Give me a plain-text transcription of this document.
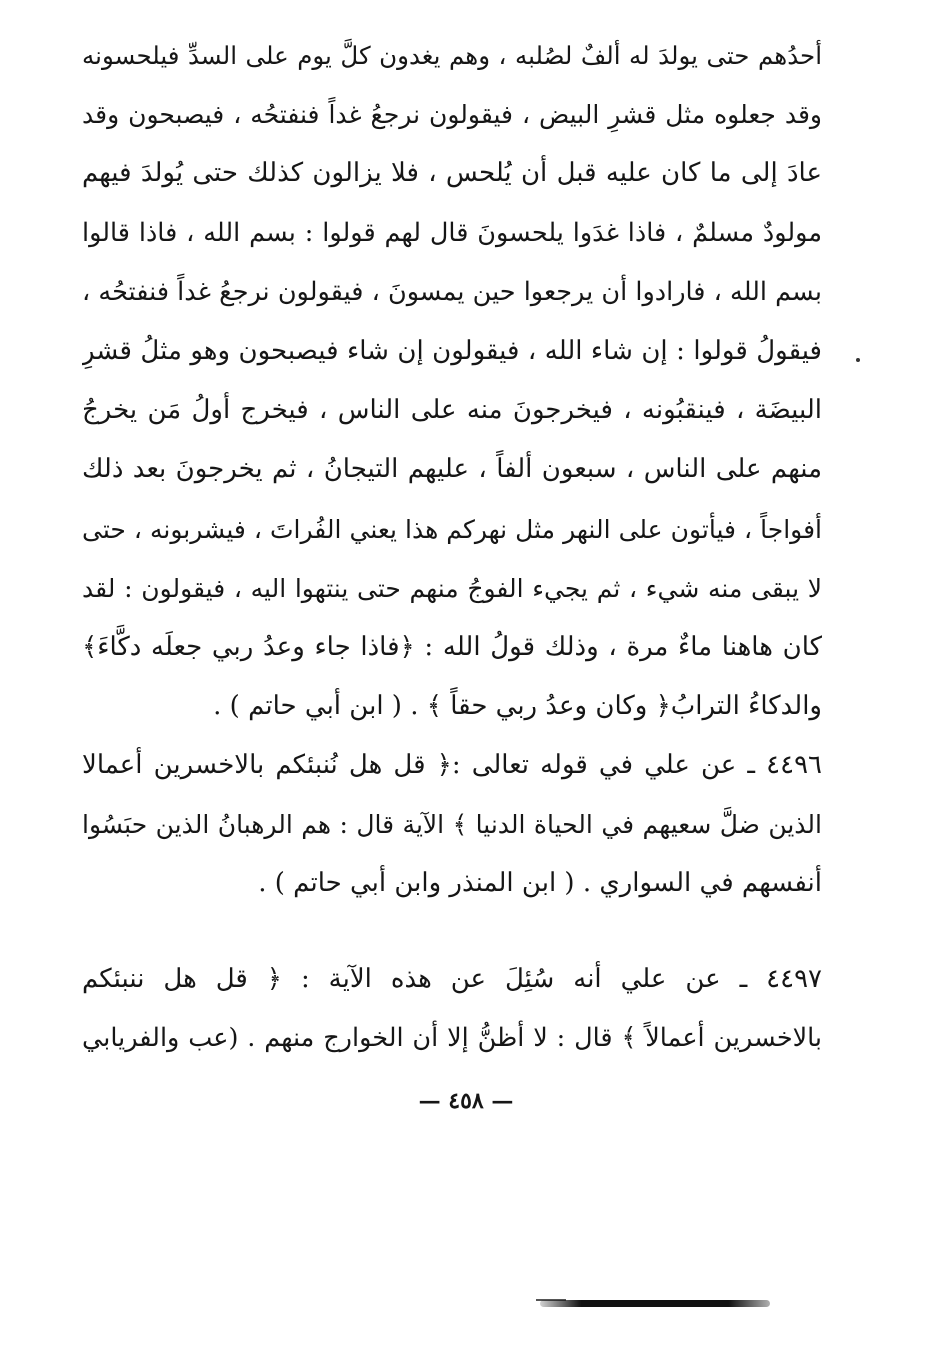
أحدُهم حتى يولدَ له ألفٌ لصُلبه ، وهم يغدون كلَّ يوم على السدِّ فيلحسونه
وقد جعلوه مثل قشرِ البيض ، فيقولون نرجعُ غداً فنفتحُه ، فيصبحون وقد
عادَ إلى ما كان عليه قبل أن يُلحس ، فلا يزالون كذلك حتى يُولدَ فيهم
مولودٌ مسلمٌ ، فاذا غدَوا يلحسونَ قال لهم قولوا : بسم الله ، فاذا قالوا
بسم الله ، فارادوا أن يرجعوا حين يمسونَ ، فيقولون نرجعُ غداً فنفتحُه ،
فيقولُ قولوا : إن شاء الله ، فيقولون إن شاء فيصبحون وهو مثلُ قشرِ
البيضَة ، فينقبُونه ، فيخرجونَ منه على الناس ، فيخرج أولُ مَن يخرجُ
منهم على الناس ، سبعون ألفاً ، عليهم التيجانُ ، ثم يخرجونَ بعد ذلك
أفواجاً ، فيأتون على النهر مثل نهركم هذا يعني الفُراتَ ، فيشربونه ، حتى
لا يبقى منه شيء ، ثم يجيء الفوجُ منهم حتى ينتهوا اليه ، فيقولون : لقد
كان هاهنا ماءٌ مرة ، وذلك قولُ الله : ﴿فاذا جاء وعدُ ربي جعلَه دكَّاءَ﴾
والدكاءُ الترابُ﴿ وكان وعدُ ربي حقاً ﴾ . ( ابن أبي حاتم ) .
٤٤٩٦ ـ عن علي في قوله تعالى :﴿ قل هل نُنبئكم بالاخسرين أعمالا
الذين ضلَّ سعيهم في الحياة الدنيا ﴾ الآية قال : هم الرهبانُ الذين حبَسُوا
أنفسهم في السواري . ( ابن المنذر وابن أبي حاتم ) .
٤٤٩٧ ـ عن علي أنه سُئِلَ عن هذه الآية : ﴿ قل هل ننبئكم
بالاخسرين أعمالاً ﴾ قال : لا أظنُّ إلا أن الخوارج منهم . (عب والفريابي
— ٤٥٨ —
